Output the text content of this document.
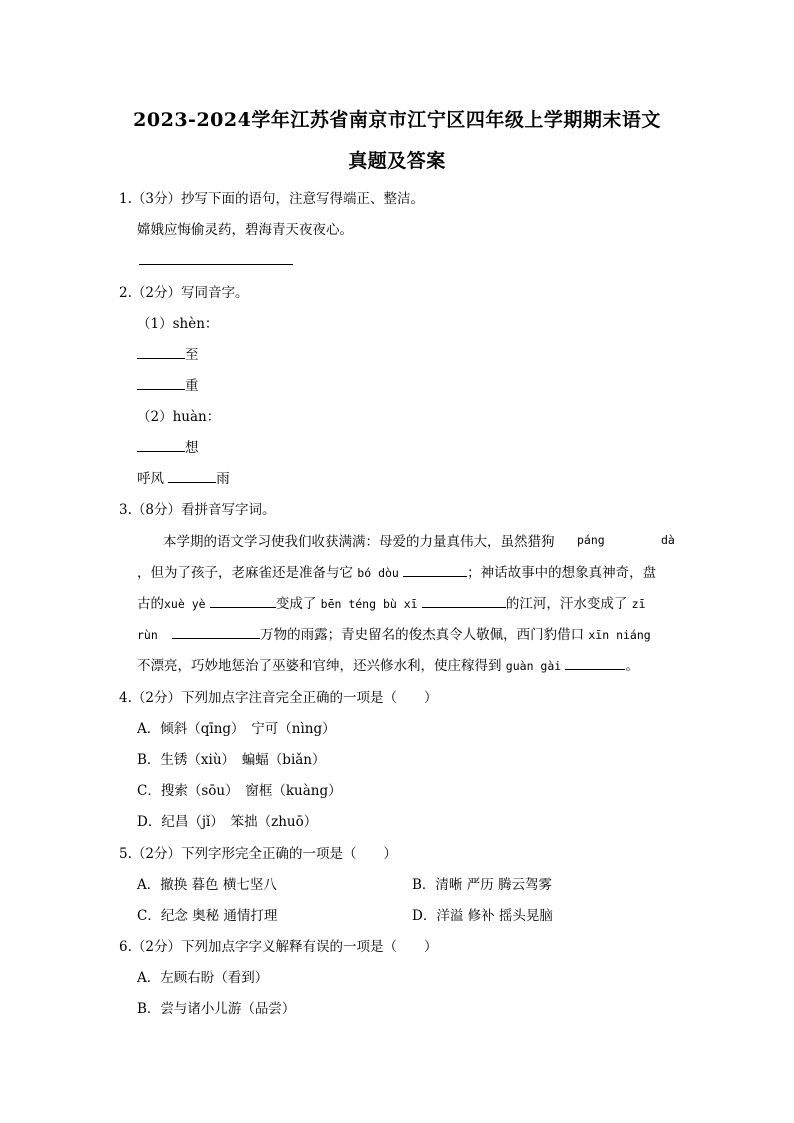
2023-2024学年江苏省南京市江宁区四年级上学期期末语文
真题及答案
1.（3分）抄写下面的语句，注意写得端正、整洁。
嫦娥应悔偷灵药，碧海青天夜夜心。
2.（2分）写同音字。
（1）shèn：
至
重
（2）huàn：
想
呼风	雨
3.（8分）看拼音写字词。
本学期的语文学习使我们收获满满：母爱的力量真伟大，虽然猎狗 páng	dà
，但为了孩子，老麻雀还是准备与它 bó dòu	；神话故事中的想象真神奇，盘
古的xuè yè	变成了 bēn téng bù xī	的江河，汗水变成了 zī
rùn	万物的雨露；青史留名的俊杰真令人敬佩，西门豹借口 xīn niáng
不漂亮，巧妙地惩治了巫婆和官绅，还兴修水利，使庄稼得到 guàn gài	。
4.（2分）下列加点字注音完全正确的一项是（　　）
A．倾斜（qīng）　宁可（nìng）
B．生锈（xiù）　蝙蝠（biǎn）
C．搜索（sōu）　窗框（kuàng）
D．纪昌（jǐ）　笨拙（zhuō）
5.（2分）下列字形完全正确的一项是（　　）
A．撤换 暮色 横七坚八	B．清晰 严历 腾云驾雾
C．纪念 奥秘 通情打理	D．洋溢 修补 摇头晃脑
6.（2分）下列加点字字义解释有误的一项是（　　）
A．左顾右盼（看到）
B．尝与诸小儿游（品尝）
